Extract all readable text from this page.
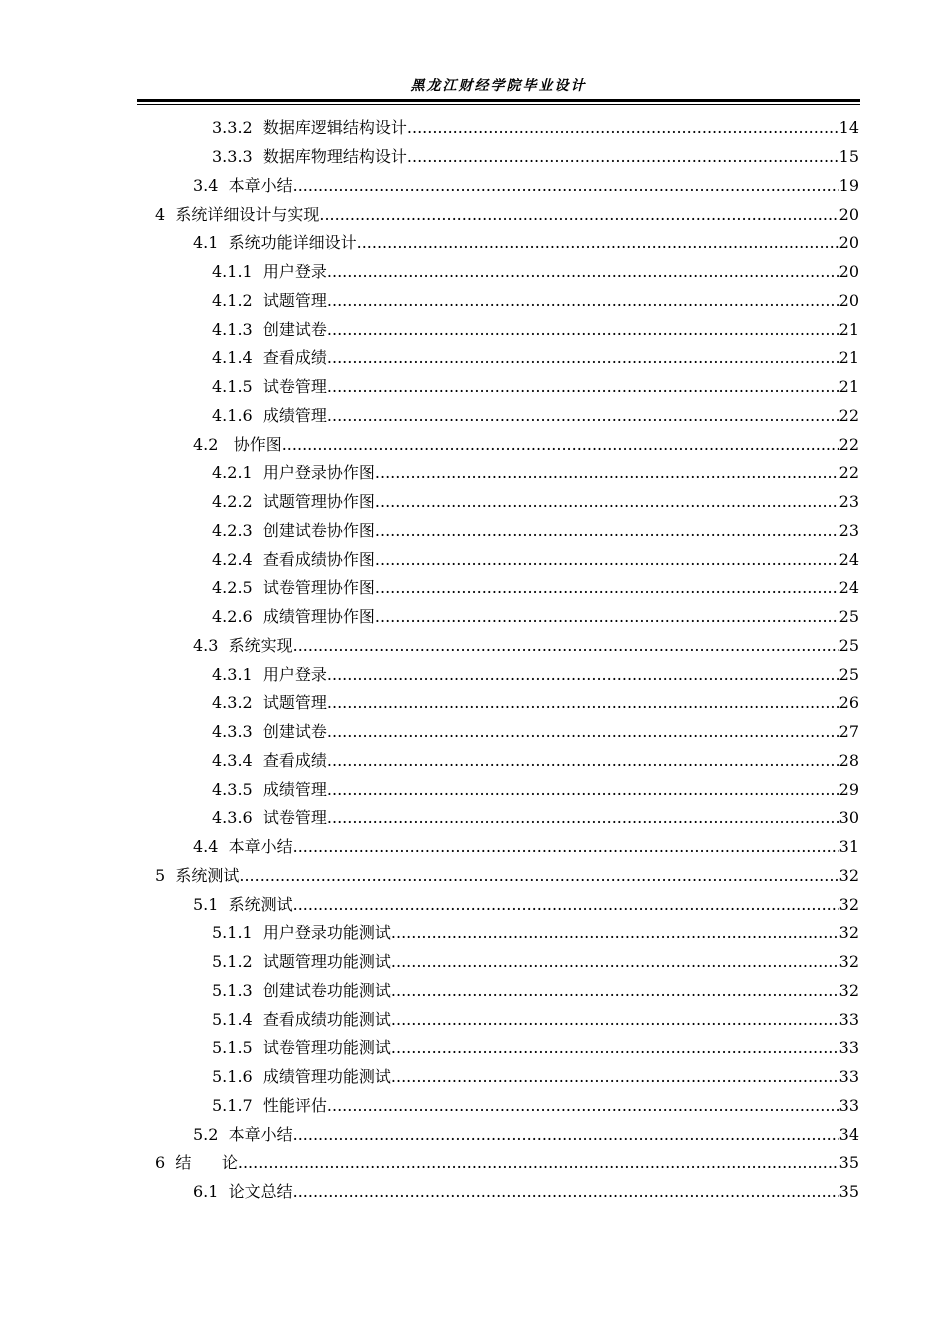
黑龙江财经学院毕业设计
3.3.2  数据库逻辑结构设计 .....	14
3.3.3  数据库物理结构设计 .....	15
3.4  本章小结 .....	19
4  系统详细设计与实现 .....	20
4.1  系统功能详细设计 .....	20
4.1.1  用户登录 .....	20
4.1.2  试题管理 .....	20
4.1.3  创建试卷 .....	21
4.1.4  查看成绩 .....	21
4.1.5  试卷管理 .....	21
4.1.6  成绩管理 .....	22
4.2   协作图 .....	22
4.2.1  用户登录协作图 .....	22
4.2.2  试题管理协作图 .....	23
4.2.3  创建试卷协作图 .....	23
4.2.4  查看成绩协作图 .....	24
4.2.5  试卷管理协作图 .....	24
4.2.6  成绩管理协作图 .....	25
4.3  系统实现 .....	25
4.3.1  用户登录 .....	25
4.3.2  试题管理 .....	26
4.3.3  创建试卷 .....	27
4.3.4  查看成绩 .....	28
4.3.5  成绩管理 .....	29
4.3.6  试卷管理 .....	30
4.4  本章小结 .....	31
5  系统测试 .....	32
5.1  系统测试 .....	32
5.1.1  用户登录功能测试 .....	32
5.1.2  试题管理功能测试 .....	32
5.1.3  创建试卷功能测试 .....	32
5.1.4  查看成绩功能测试 .....	33
5.1.5  试卷管理功能测试 .....	33
5.1.6  成绩管理功能测试 .....	33
5.1.7  性能评估 .....	33
5.2  本章小结 .....	34
6  结      论 .....	35
6.1  论文总结 .....	35
